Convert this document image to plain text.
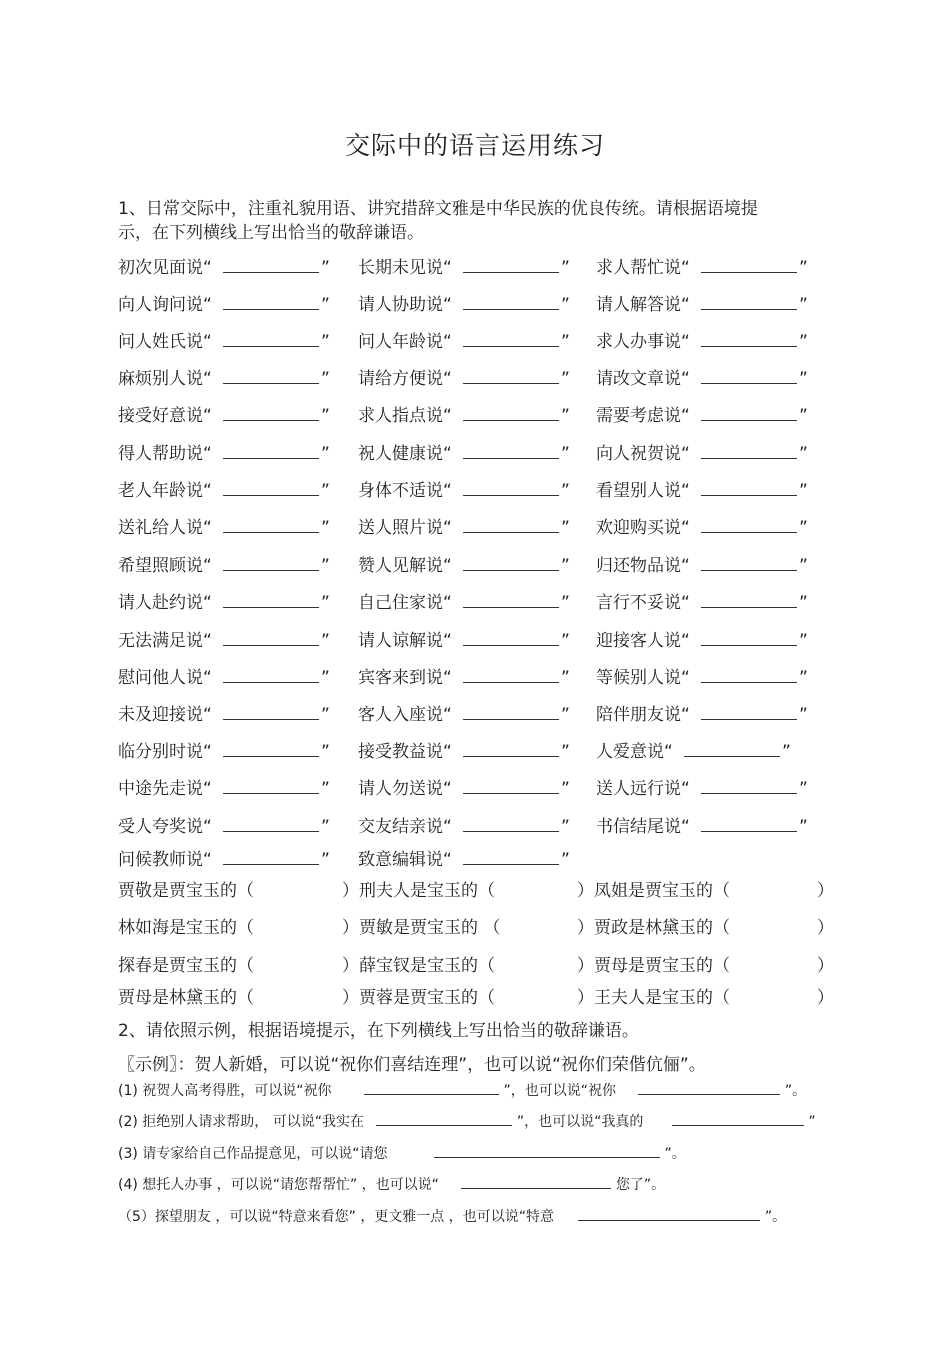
交际中的语言运用练习
1、日常交际中，注重礼貌用语、讲究措辞文雅是中华民族的优良传统。请根据语境提
示，在下列横线上写出恰当的敬辞谦语。
初次见面说“	”	长期未见说“	”	求人帮忙说“	”
向人询问说“	”	请人协助说“	”	请人解答说“	”
问人姓氏说“	”	问人年龄说“	”	求人办事说“	”
麻烦别人说“	”	请给方便说“	”	请改文章说“	”
接受好意说“	”	求人指点说“	”	需要考虑说“	”
得人帮助说“	”	祝人健康说“	”	向人祝贺说“	”
老人年龄说“	”	身体不适说“	”	看望别人说“	”
送礼给人说“	”	送人照片说“	”	欢迎购买说“	”
希望照顾说“	”	赞人见解说“	”	归还物品说“	”
请人赴约说“	”	自己住家说“	”	言行不妥说“	”
无法满足说“	”	请人谅解说“	”	迎接客人说“	”
慰问他人说“	”	宾客来到说“	”	等候别人说“	”
未及迎接说“	”	客人入座说“	”	陪伴朋友说“	”
临分别时说“	”	接受教益说“	”	人爱意说“	”
中途先走说“	”	请人勿送说“	”	送人远行说“	”
受人夸奖说“	”	交友结亲说“	”	书信结尾说“	”
问候教师说“	”	致意编辑说“	”
贾敬是贾宝玉的（	）刑夫人是宝玉的（	）凤姐是贾宝玉的（	）
林如海是宝玉的（	）贾敏是贾宝玉的 （	）贾政是林黛玉的（	）
探春是贾宝玉的（	）薛宝钗是宝玉的（	）贾母是贾宝玉的（	）
贾母是林黛玉的（	）贾蓉是贾宝玉的（	）王夫人是宝玉的（	）
2、请依照示例，根据语境提示，在下列横线上写出恰当的敬辞谦语。
〖示例〗：贺人新婚，可以说“祝你们喜结连理”，也可以说“祝你们荣偕伉俪”。
(1) 祝贺人高考得胜，可以说“祝你	”，也可以说“祝你	”。
(2) 拒绝别人请求帮助， 可以说“我实在	”，也可以说“我真的	”
(3) 请专家给自己作品提意见，可以说“请您	”。
(4) 想托人办事 ，可以说“请您帮帮忙” ，也可以说“	您了”。
（5）探望朋友 ，可以说“特意来看您” ，更文雅一点 ，也可以说“特意	”。
